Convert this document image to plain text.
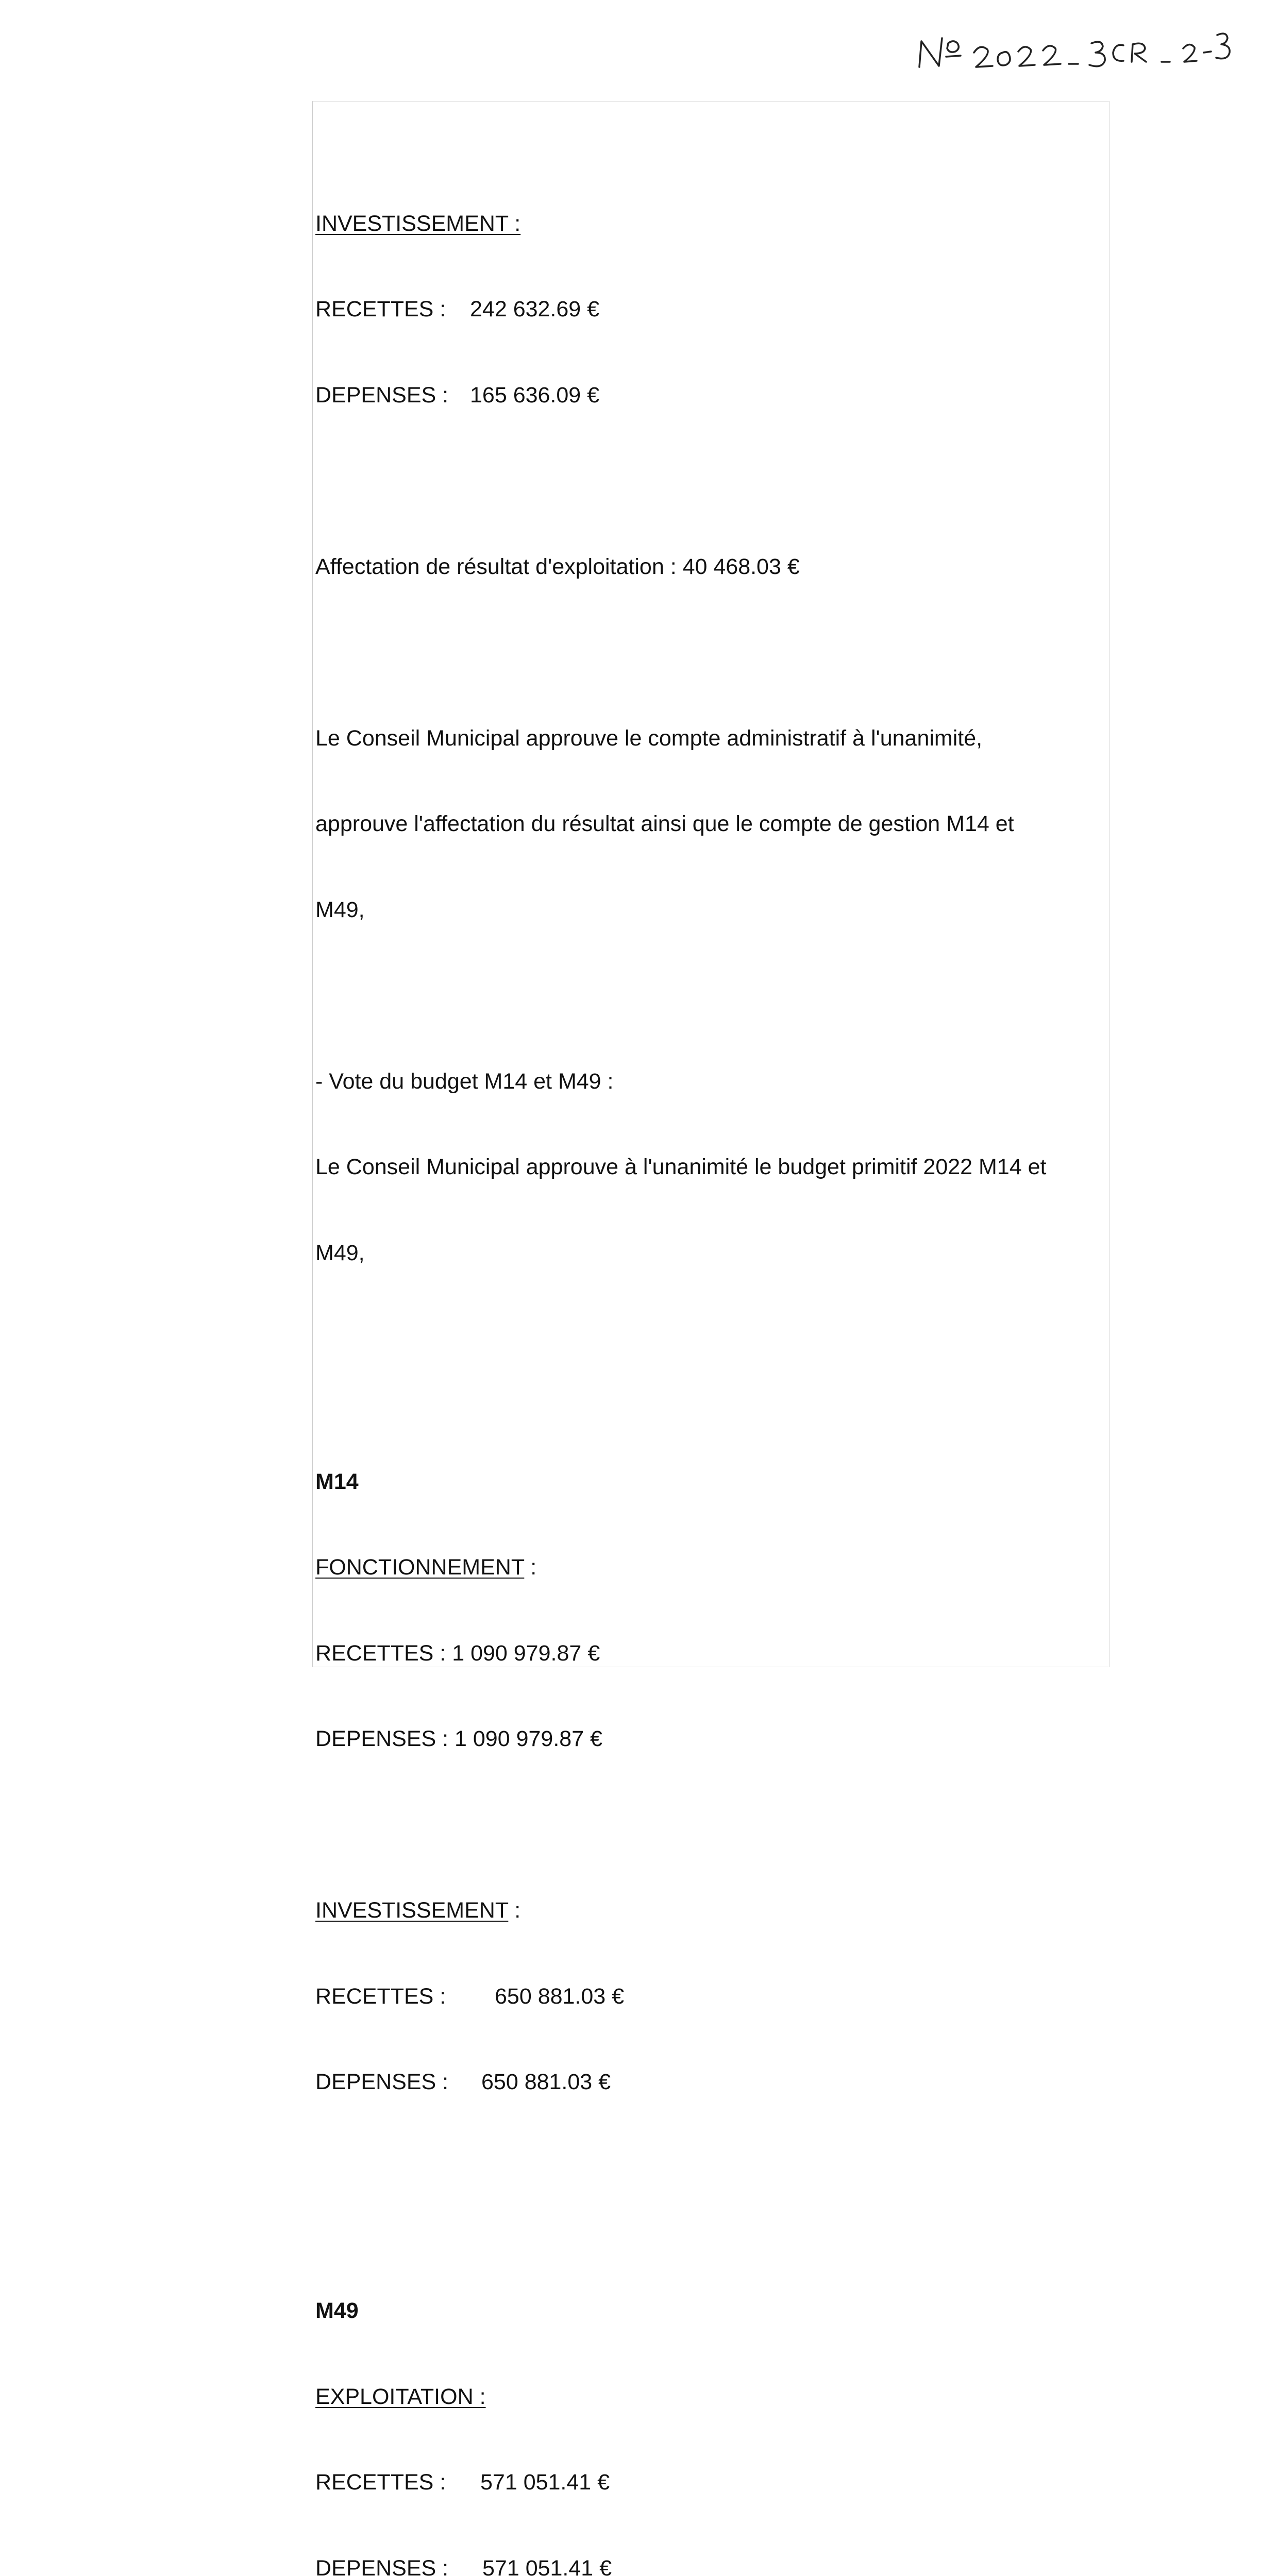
INVESTISSEMENT :

RECETTES : 242 632.69 €

DEPENSES : 165 636.09 €

Affectation de résultat d'exploitation : 40 468.03 €

Le Conseil Municipal approuve le compte administratif à l'unanimité,

approuve l'affectation du résultat ainsi que le compte de gestion M14 et

M49,

- Vote du budget M14 et M49 :

Le Conseil Municipal approuve à l'unanimité le budget primitif 2022 M14 et

M49,

M14

FONCTIONNEMENT :

RECETTES : 1 090 979.87 €

DEPENSES : 1 090 979.87 €

INVESTISSEMENT :

RECETTES : 650 881.03 €

DEPENSES : 650 881.03 €

M49

EXPLOITATION :

RECETTES : 571 051.41 €

DEPENSES : 571 051.41 €
